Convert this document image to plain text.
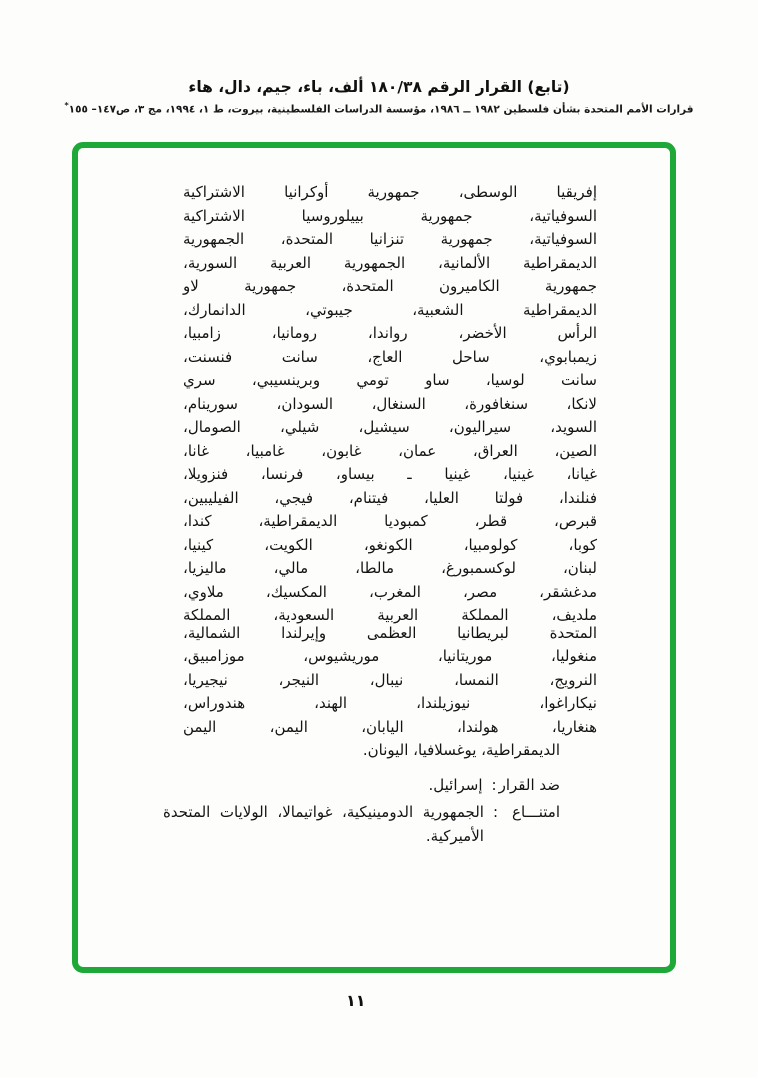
(تابع) القرار الرقم ١٨٠/٣٨ ألف، باء، جيم، دال، هاء
قرارات الأمم المتحدة بشأن فلسطين ١٩٨٢ ــ ١٩٨٦، مؤسسة الدراسات الفلسطينية، بيروت، ط ١، ١٩٩٤، مج ٣، ص١٤٧– ١٥٥*
إفريقيا الوسطى، جمهورية أوكرانيا الاشتراكية
السوفياتية، جمهورية بييلوروسيا الاشتراكية
السوفياتية، جمهورية تنزانيا المتحدة، الجمهورية
الديمقراطية الألمانية، الجمهورية العربية السورية،
جمهورية الكاميرون المتحدة، جمهورية لاو
الديمقراطية الشعبية، جيبوتي، الدانمارك،
الرأس الأخضر، رواندا، رومانيا، زامبيا،
زيمبابوي، ساحل العاج، سانت فنسنت،
سانت لوسيا، ساو تومي وبرينسيبي، سري
لانكا، سنغافورة، السنغال، السودان، سورينام،
السويد، سيراليون، سيشيل، شيلي، الصومال،
الصين، العراق، عمان، غابون، غامبيا، غانا،
غيانا، غينيا، غينيا ـ بيساو، فرنسا، فنزويلا،
فنلندا، فولتا العليا، فيتنام، فيجي، الفيليبين،
قبرص، قطر، كمبوديا الديمقراطية، كندا،
كوبا، كولومبيا، الكونغو، الكويت، كينيا،
لبنان، لوكسمبورغ، مالطا، مالي، ماليزيا،
مدغشقر، مصر، المغرب، المكسيك، ملاوي،
ملديف، المملكة العربية السعودية، المملكة
المتحدة لبريطانيا العظمى وإيرلندا الشمالية،
منغوليا، موريتانيا، موريشيوس، موزامبيق،
النرويج، النمسا، نيبال، النيجر، نيجيريا،
نيكاراغوا، نيوزيلندا، الهند، هندوراس،
هنغاريا، هولندا، اليابان، اليمن، اليمن
الديمقراطية، يوغسلافيا، اليونان.
ضد القرار
:
إسرائيل.
امتنـــاع
:
الجمهورية الدومينيكية، غواتيمالا، الولايات المتحدة
الأميركية.
١١
